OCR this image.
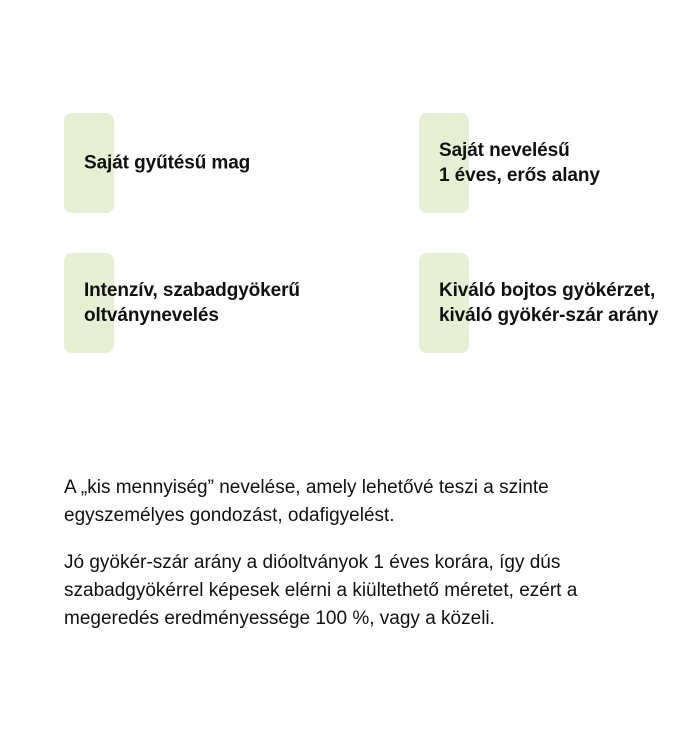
Saját gyűtésű mag
Saját nevelésű
1 éves, erős alany
Intenzív, szabadgyökerű
oltványnevelés
Kiváló bojtos gyökérzet,
kiváló gyökér-szár arány

A „kis mennyiség” nevelése, amely lehetővé teszi a szinte egyszemélyes gondozást, odafigyelést.

Jó gyökér-szár arány a dióoltványok 1 éves korára, így dús szabadgyökérrel képesek elérni a kiültethető méretet, ezért a megeredés eredményessége 100 %, vagy a közeli.
